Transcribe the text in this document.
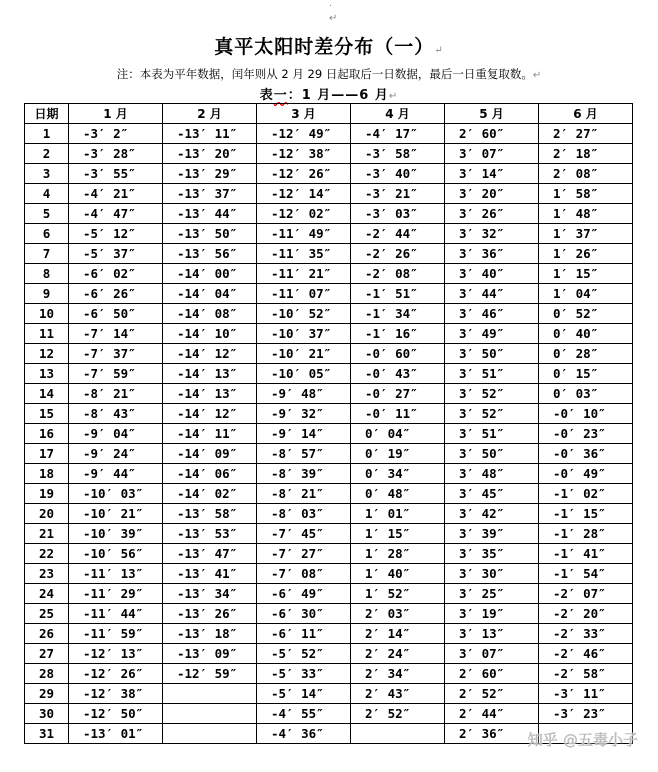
·
↵
真平太阳时差分布（一）↵
注：本表为平年数据，闰年则从 2 月 29 日起取后一日数据，最后一日重复取数。↵
表一：1 月——6 月↵
日期	1 月	2 月	3 月	4 月	5 月	6 月
1	-3′ 2″	-13′ 11″	-12′ 49″	-4′ 17″	2′ 60″	2′ 27″
2	-3′ 28″	-13′ 20″	-12′ 38″	-3′ 58″	3′ 07″	2′ 18″
3	-3′ 55″	-13′ 29″	-12′ 26″	-3′ 40″	3′ 14″	2′ 08″
4	-4′ 21″	-13′ 37″	-12′ 14″	-3′ 21″	3′ 20″	1′ 58″
5	-4′ 47″	-13′ 44″	-12′ 02″	-3′ 03″	3′ 26″	1′ 48″
6	-5′ 12″	-13′ 50″	-11′ 49″	-2′ 44″	3′ 32″	1′ 37″
7	-5′ 37″	-13′ 56″	-11′ 35″	-2′ 26″	3′ 36″	1′ 26″
8	-6′ 02″	-14′ 00″	-11′ 21″	-2′ 08″	3′ 40″	1′ 15″
9	-6′ 26″	-14′ 04″	-11′ 07″	-1′ 51″	3′ 44″	1′ 04″
10	-6′ 50″	-14′ 08″	-10′ 52″	-1′ 34″	3′ 46″	0′ 52″
11	-7′ 14″	-14′ 10″	-10′ 37″	-1′ 16″	3′ 49″	0′ 40″
12	-7′ 37″	-14′ 12″	-10′ 21″	-0′ 60″	3′ 50″	0′ 28″
13	-7′ 59″	-14′ 13″	-10′ 05″	-0′ 43″	3′ 51″	0′ 15″
14	-8′ 21″	-14′ 13″	-9′ 48″	-0′ 27″	3′ 52″	0′ 03″
15	-8′ 43″	-14′ 12″	-9′ 32″	-0′ 11″	3′ 52″	-0′ 10″
16	-9′ 04″	-14′ 11″	-9′ 14″	0′ 04″	3′ 51″	-0′ 23″
17	-9′ 24″	-14′ 09″	-8′ 57″	0′ 19″	3′ 50″	-0′ 36″
18	-9′ 44″	-14′ 06″	-8′ 39″	0′ 34″	3′ 48″	-0′ 49″
19	-10′ 03″	-14′ 02″	-8′ 21″	0′ 48″	3′ 45″	-1′ 02″
20	-10′ 21″	-13′ 58″	-8′ 03″	1′ 01″	3′ 42″	-1′ 15″
21	-10′ 39″	-13′ 53″	-7′ 45″	1′ 15″	3′ 39″	-1′ 28″
22	-10′ 56″	-13′ 47″	-7′ 27″	1′ 28″	3′ 35″	-1′ 41″
23	-11′ 13″	-13′ 41″	-7′ 08″	1′ 40″	3′ 30″	-1′ 54″
24	-11′ 29″	-13′ 34″	-6′ 49″	1′ 52″	3′ 25″	-2′ 07″
25	-11′ 44″	-13′ 26″	-6′ 30″	2′ 03″	3′ 19″	-2′ 20″
26	-11′ 59″	-13′ 18″	-6′ 11″	2′ 14″	3′ 13″	-2′ 33″
27	-12′ 13″	-13′ 09″	-5′ 52″	2′ 24″	3′ 07″	-2′ 46″
28	-12′ 26″	-12′ 59″	-5′ 33″	2′ 34″	2′ 60″	-2′ 58″
29	-12′ 38″		-5′ 14″	2′ 43″	2′ 52″	-3′ 11″
30	-12′ 50″		-4′ 55″	2′ 52″	2′ 44″	-3′ 23″
31	-13′ 01″		-4′ 36″		2′ 36″	知乎 @五毒小子
